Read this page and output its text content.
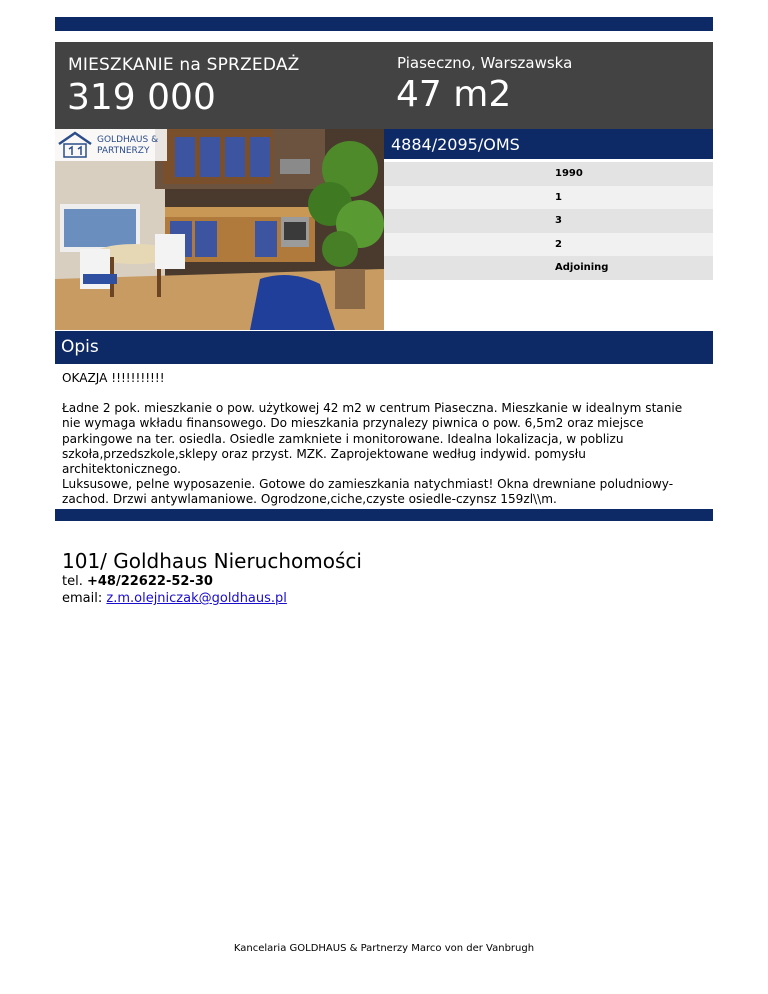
MIESZKANIE na SPRZEDAŻ
319 000
Piaseczno, Warszawska
47 m2
GOLDHAUS &
PARTNERZY	4884/2095/OMS
1990
1
3
2
Adjoining
Opis

OKAZJA !!!!!!!!!!!

Ładne 2 pok. mieszkanie o pow. użytkowej 42 m2 w centrum Piaseczna. Mieszkanie w idealnym stanie nie wymaga wkładu finansowego. Do mieszkania przynalezy piwnica o pow. 6,5m2 oraz miejsce parkingowe na ter. osiedla. Osiedle zamkniete i monitorowane. Idealna lokalizacja, w poblizu szkoła,przedszkole,sklepy oraz przyst. MZK. Zaprojektowane według indywid. pomysłu architektonicznego.

Luksusowe, pelne wyposazenie. Gotowe do zamieszkania natychmiast! Okna drewniane poludniowy-zachod. Drzwi antywlamaniowe. Ogrodzone,ciche,czyste osiedle-czynsz 159zl\\m.

101/ Goldhaus Nieruchomości
tel. +48/22622-52-30
email: z.m.olejniczak@goldhaus.pl
Kancelaria GOLDHAUS & Partnerzy Marco von der Vanbrugh
